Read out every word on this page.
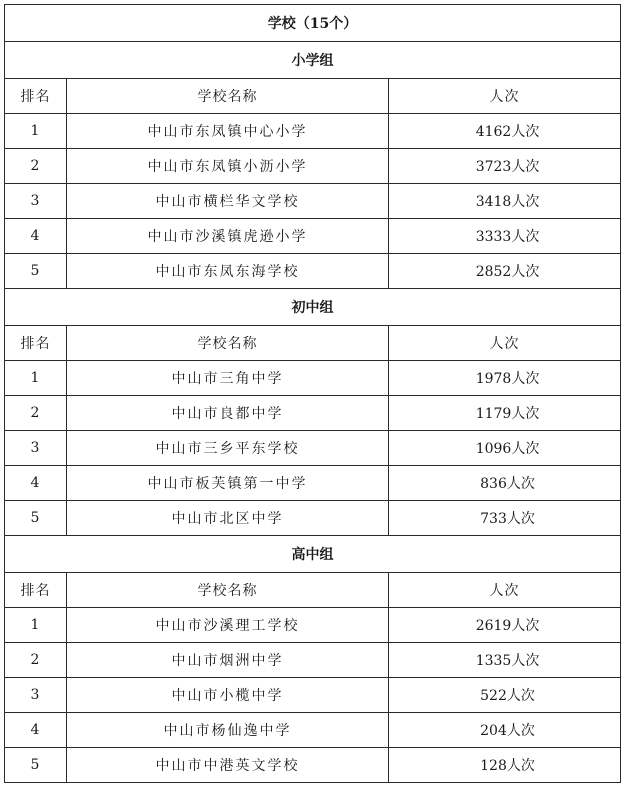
学校（15个）		
小学组		
排名	学校名称	人次
1	中山市东凤镇中心小学	4162人次
2	中山市东凤镇小沥小学	3723人次
3	中山市横栏华文学校	3418人次
4	中山市沙溪镇虎逊小学	3333人次
5	中山市东凤东海学校	2852人次
初中组		
排名	学校名称	人次
1	中山市三角中学	1978人次
2	中山市良都中学	1179人次
3	中山市三乡平东学校	1096人次
4	中山市板芙镇第一中学	836人次
5	中山市北区中学	733人次
高中组		
排名	学校名称	人次
1	中山市沙溪理工学校	2619人次
2	中山市烟洲中学	1335人次
3	中山市小榄中学	522人次
4	中山市杨仙逸中学	204人次
5	中山市中港英文学校	128人次
